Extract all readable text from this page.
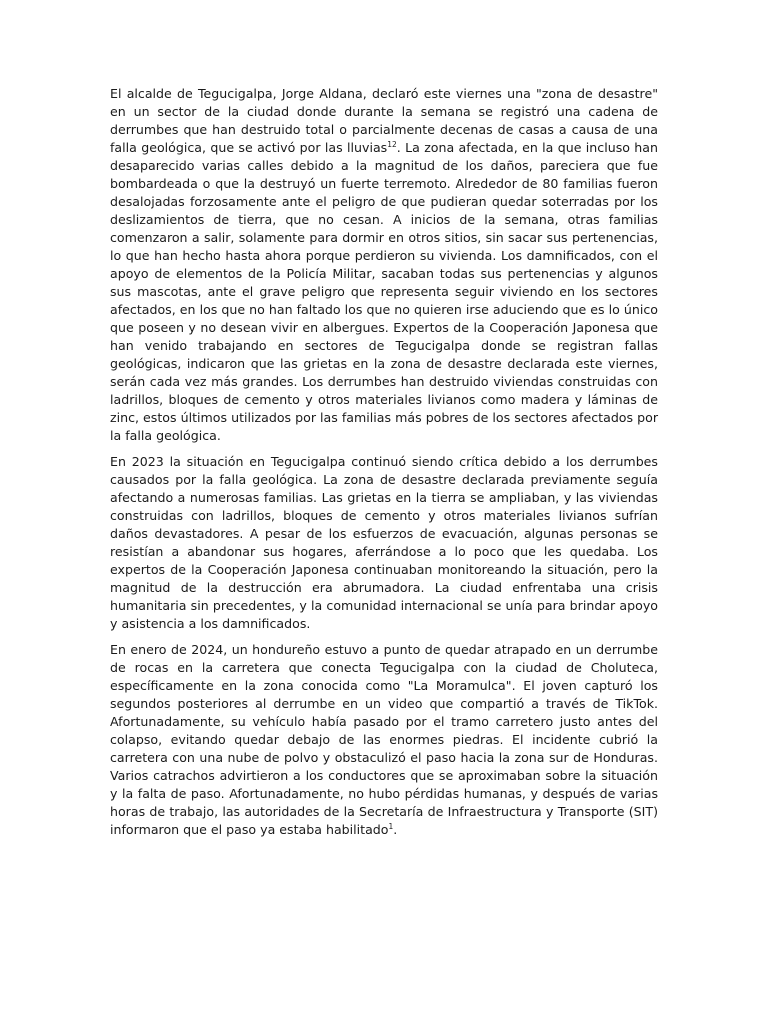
El alcalde de Tegucigalpa, Jorge Aldana, declaró este viernes una "zona de desastre" en un sector de la ciudad donde durante la semana se registró una cadena de derrumbes que han destruido total o parcialmente decenas de casas a causa de una falla geológica, que se activó por las lluvias$^{12}$. La zona afectada, en la que incluso han desaparecido varias calles debido a la magnitud de los daños, pareciera que fue bombardeada o que la destruyó un fuerte terremoto. Alrededor de 80 familias fueron desalojadas forzosamente ante el peligro de que pudieran quedar soterradas por los deslizamientos de tierra, que no cesan. A inicios de la semana, otras familias comenzaron a salir, solamente para dormir en otros sitios, sin sacar sus pertenencias, lo que han hecho hasta ahora porque perdieron su vivienda. Los damnificados, con el apoyo de elementos de la Policía Militar, sacaban todas sus pertenencias y algunos sus mascotas, ante el grave peligro que representa seguir viviendo en los sectores afectados, en los que no han faltado los que no quieren irse aduciendo que es lo único que poseen y no desean vivir en albergues. Expertos de la Cooperación Japonesa que han venido trabajando en sectores de Tegucigalpa donde se registran fallas geológicas, indicaron que las grietas en la zona de desastre declarada este viernes, serán cada vez más grandes. Los derrumbes han destruido viviendas construidas con ladrillos, bloques de cemento y otros materiales livianos como madera y láminas de zinc, estos últimos utilizados por las familias más pobres de los sectores afectados por la falla geológica.

En 2023 la situación en Tegucigalpa continuó siendo crítica debido a los derrumbes causados por la falla geológica. La zona de desastre declarada previamente seguía afectando a numerosas familias. Las grietas en la tierra se ampliaban, y las viviendas construidas con ladrillos, bloques de cemento y otros materiales livianos sufrían daños devastadores. A pesar de los esfuerzos de evacuación, algunas personas se resistían a abandonar sus hogares, aferrándose a lo poco que les quedaba. Los expertos de la Cooperación Japonesa continuaban monitoreando la situación, pero la magnitud de la destrucción era abrumadora. La ciudad enfrentaba una crisis humanitaria sin precedentes, y la comunidad internacional se unía para brindar apoyo y asistencia a los damnificados.

En enero de 2024, un hondureño estuvo a punto de quedar atrapado en un derrumbe de rocas en la carretera que conecta Tegucigalpa con la ciudad de Choluteca, específicamente en la zona conocida como "La Moramulca". El joven capturó los segundos posteriores al derrumbe en un video que compartió a través de TikTok. Afortunadamente, su vehículo había pasado por el tramo carretero justo antes del colapso, evitando quedar debajo de las enormes piedras. El incidente cubrió la carretera con una nube de polvo y obstaculizó el paso hacia la zona sur de Honduras. Varios catrachos advirtieron a los conductores que se aproximaban sobre la situación y la falta de paso. Afortunadamente, no hubo pérdidas humanas, y después de varias horas de trabajo, las autoridades de la Secretaría de Infraestructura y Transporte (SIT) informaron que el paso ya estaba habilitado$^1$.
